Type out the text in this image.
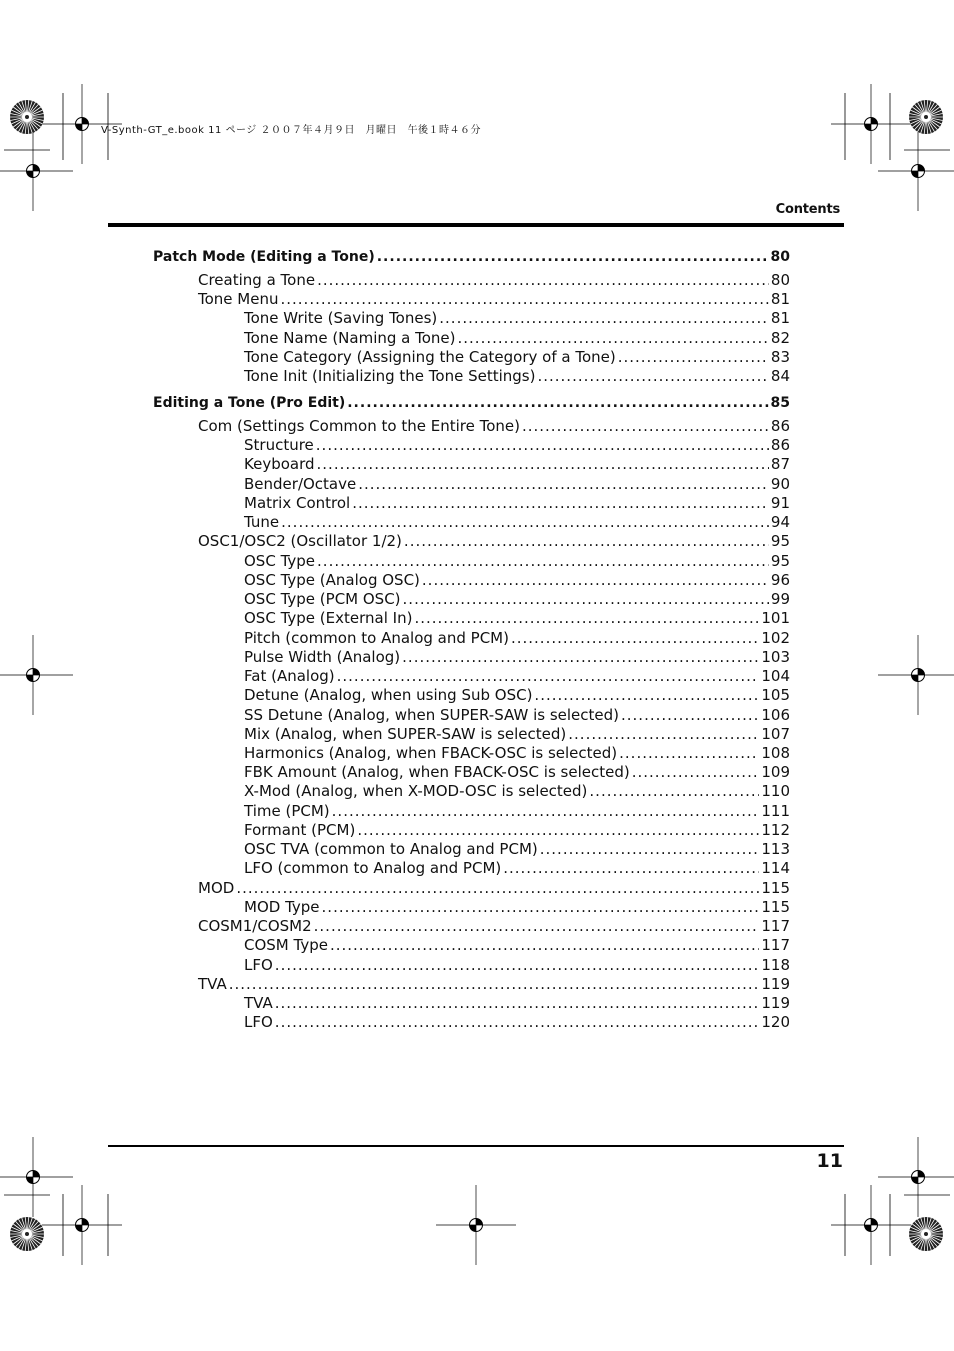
V-Synth-GT_e.book 11 ページ ２００７年４月９日　月曜日　午後１時４６分
Contents
Patch Mode (Editing a Tone) .....	80
Creating a Tone .....	80
Tone Menu .....	81
Tone Write (Saving Tones) .....	81
Tone Name (Naming a Tone) .....	82
Tone Category (Assigning the Category of a Tone) .....	83
Tone Init (Initializing the Tone Settings) .....	84
Editing a Tone (Pro Edit) .....	85
Com (Settings Common to the Entire Tone) .....	86
Structure .....	86
Keyboard .....	87
Bender/Octave .....	90
Matrix Control .....	91
Tune .....	94
OSC1/OSC2 (Oscillator 1/2) .....	95
OSC Type .....	95
OSC Type (Analog OSC) .....	96
OSC Type (PCM OSC) .....	99
OSC Type (External In) .....	101
Pitch (common to Analog and PCM) .....	102
Pulse Width (Analog) .....	103
Fat (Analog) .....	104
Detune (Analog, when using Sub OSC) .....	105
SS Detune (Analog, when SUPER-SAW is selected) .....	106
Mix (Analog, when SUPER-SAW is selected) .....	107
Harmonics (Analog, when FBACK-OSC is selected) .....	108
FBK Amount (Analog, when FBACK-OSC is selected) .....	109
X-Mod (Analog, when X-MOD-OSC is selected) .....	110
Time (PCM) .....	111
Formant (PCM) .....	112
OSC TVA (common to Analog and PCM) .....	113
LFO (common to Analog and PCM) .....	114
MOD .....	115
MOD Type .....	115
COSM1/COSM2 .....	117
COSM Type .....	117
LFO .....	118
TVA .....	119
TVA .....	119
LFO .....	120
11
